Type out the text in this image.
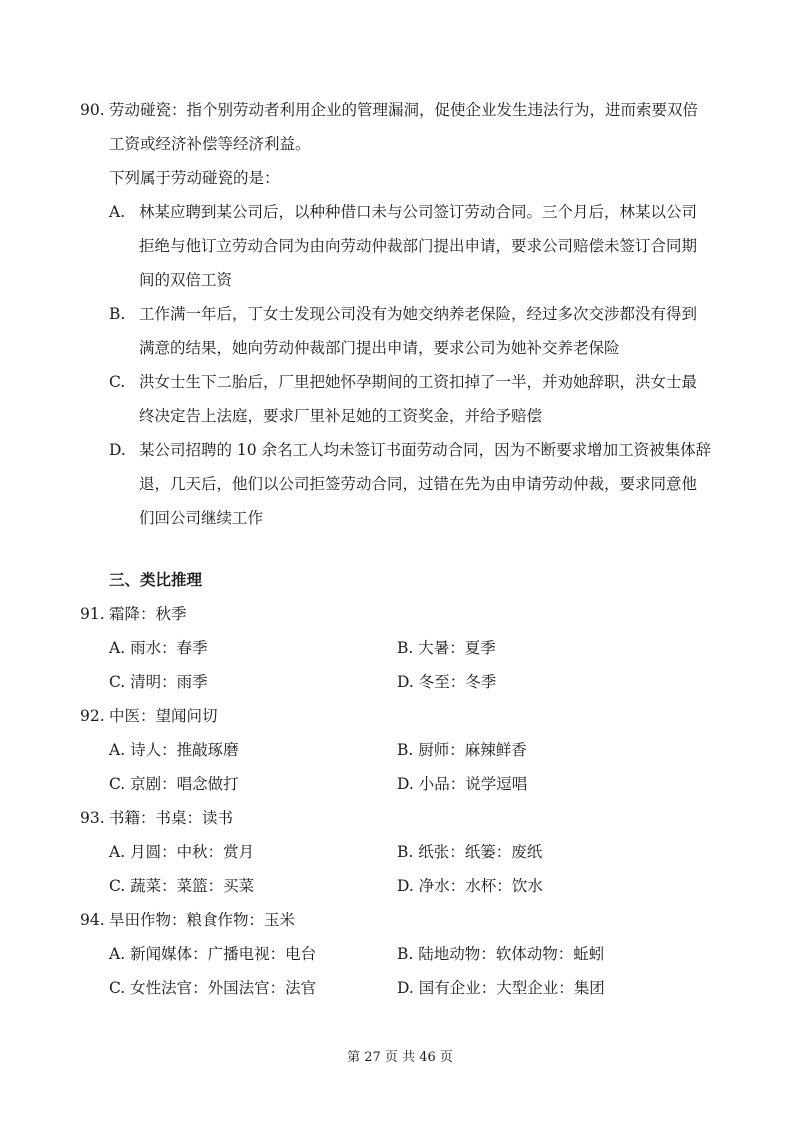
90. 劳动碰瓷：指个别劳动者利用企业的管理漏洞，促使企业发生违法行为，进而索要双倍
工资或经济补偿等经济利益。
下列属于劳动碰瓷的是：
A. 林某应聘到某公司后，以种种借口未与公司签订劳动合同。三个月后，林某以公司
拒绝与他订立劳动合同为由向劳动仲裁部门提出申请，要求公司赔偿未签订合同期
间的双倍工资
B. 工作满一年后，丁女士发现公司没有为她交纳养老保险，经过多次交涉都没有得到
满意的结果，她向劳动仲裁部门提出申请，要求公司为她补交养老保险
C. 洪女士生下二胎后，厂里把她怀孕期间的工资扣掉了一半，并劝她辞职，洪女士最
终决定告上法庭，要求厂里补足她的工资奖金，并给予赔偿
D. 某公司招聘的 10 余名工人均未签订书面劳动合同，因为不断要求增加工资被集体辞
退，几天后，他们以公司拒签劳动合同，过错在先为由申请劳动仲裁，要求同意他
们回公司继续工作
三、类比推理
91. 霜降：秋季
A. 雨水：春季	B. 大暑：夏季
C. 清明：雨季	D. 冬至：冬季
92. 中医：望闻问切
A. 诗人：推敲琢磨	B. 厨师：麻辣鲜香
C. 京剧：唱念做打	D. 小品：说学逗唱
93. 书籍：书桌：读书
A. 月圆：中秋：赏月	B. 纸张：纸篓：废纸
C. 蔬菜：菜篮：买菜	D. 净水：水杯：饮水
94. 旱田作物：粮食作物：玉米
A. 新闻媒体：广播电视：电台	B. 陆地动物：软体动物：蚯蚓
C. 女性法官：外国法官：法官	D. 国有企业：大型企业：集团
第 27 页 共 46 页
